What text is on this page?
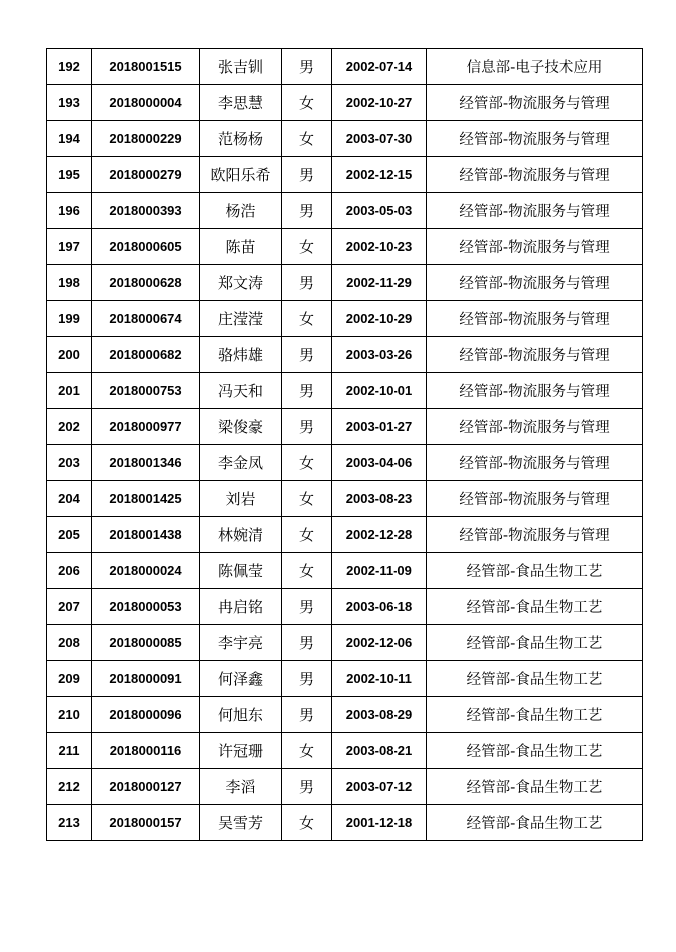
192	2018001515	张吉钏	男	2002-07-14	信息部-电子技术应用
193	2018000004	李思慧	女	2002-10-27	经管部-物流服务与管理
194	2018000229	范杨杨	女	2003-07-30	经管部-物流服务与管理
195	2018000279	欧阳乐希	男	2002-12-15	经管部-物流服务与管理
196	2018000393	杨浩	男	2003-05-03	经管部-物流服务与管理
197	2018000605	陈苗	女	2002-10-23	经管部-物流服务与管理
198	2018000628	郑文涛	男	2002-11-29	经管部-物流服务与管理
199	2018000674	庄滢滢	女	2002-10-29	经管部-物流服务与管理
200	2018000682	骆炜雄	男	2003-03-26	经管部-物流服务与管理
201	2018000753	冯天和	男	2002-10-01	经管部-物流服务与管理
202	2018000977	梁俊豪	男	2003-01-27	经管部-物流服务与管理
203	2018001346	李金凤	女	2003-04-06	经管部-物流服务与管理
204	2018001425	刘岩	女	2003-08-23	经管部-物流服务与管理
205	2018001438	林婉清	女	2002-12-28	经管部-物流服务与管理
206	2018000024	陈佩莹	女	2002-11-09	经管部-食品生物工艺
207	2018000053	冉启铭	男	2003-06-18	经管部-食品生物工艺
208	2018000085	李宇亮	男	2002-12-06	经管部-食品生物工艺
209	2018000091	何泽鑫	男	2002-10-11	经管部-食品生物工艺
210	2018000096	何旭东	男	2003-08-29	经管部-食品生物工艺
211	2018000116	许冠珊	女	2003-08-21	经管部-食品生物工艺
212	2018000127	李滔	男	2003-07-12	经管部-食品生物工艺
213	2018000157	吴雪芳	女	2001-12-18	经管部-食品生物工艺
